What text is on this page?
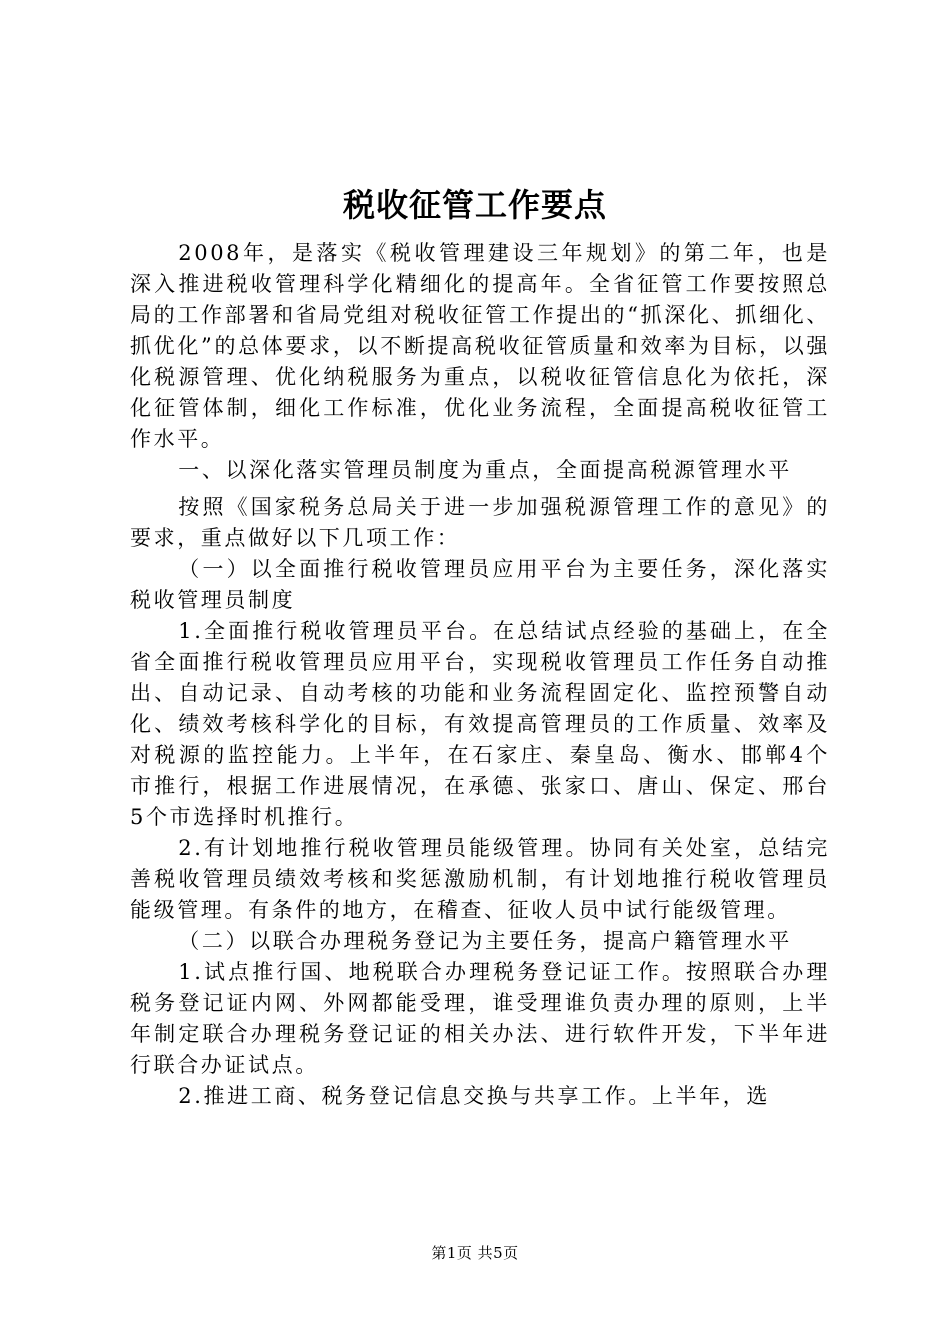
税收征管工作要点

2008年，是落实《税收管理建设三年规划》的第二年，也是深入推进税收管理科学化精细化的提高年。全省征管工作要按照总局的工作部署和省局党组对税收征管工作提出的“抓深化、抓细化、抓优化”的总体要求，以不断提高税收征管质量和效率为目标，以强化税源管理、优化纳税服务为重点，以税收征管信息化为依托，深化征管体制，细化工作标准，优化业务流程，全面提高税收征管工作水平。

一、以深化落实管理员制度为重点，全面提高税源管理水平

按照《国家税务总局关于进一步加强税源管理工作的意见》的要求，重点做好以下几项工作：

（一）以全面推行税收管理员应用平台为主要任务，深化落实税收管理员制度

1.全面推行税收管理员平台。在总结试点经验的基础上，在全省全面推行税收管理员应用平台，实现税收管理员工作任务自动推出、自动记录、自动考核的功能和业务流程固定化、监控预警自动化、绩效考核科学化的目标，有效提高管理员的工作质量、效率及对税源的监控能力。上半年，在石家庄、秦皇岛、衡水、邯郸4个市推行，根据工作进展情况，在承德、张家口、唐山、保定、邢台5个市选择时机推行。

2.有计划地推行税收管理员能级管理。协同有关处室，总结完善税收管理员绩效考核和奖惩激励机制，有计划地推行税收管理员能级管理。有条件的地方，在稽查、征收人员中试行能级管理。

（二）以联合办理税务登记为主要任务，提高户籍管理水平

1.试点推行国、地税联合办理税务登记证工作。按照联合办理税务登记证内网、外网都能受理，谁受理谁负责办理的原则，上半年制定联合办理税务登记证的相关办法、进行软件开发，下半年进行联合办证试点。

2.推进工商、税务登记信息交换与共享工作。上半年，选

第1页 共5页
